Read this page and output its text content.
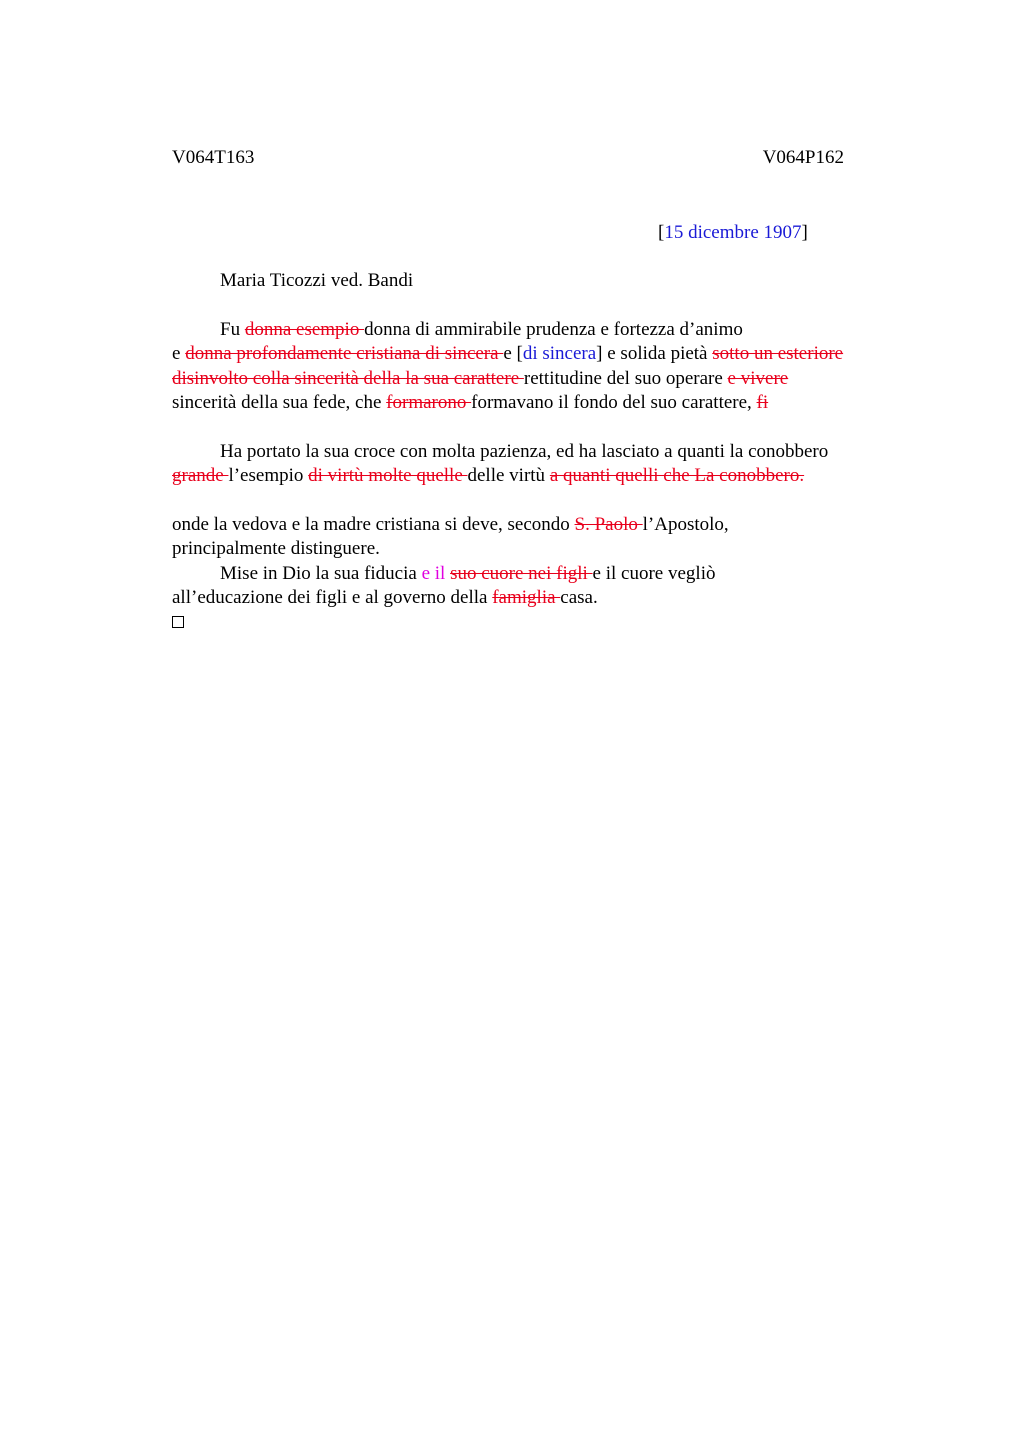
V064T163	V064P162
[15 dicembre 1907]

Maria Ticozzi ved. Bandi

Fu donna esempio donna di ammirabile prudenza e fortezza d’animo

e donna profondamente cristiana di sincera e [di sincera] e solida pietà sotto un esteriore

disinvolto colla sincerità della la sua carattere rettitudine del suo operare e vivere

sincerità della sua fede, che formarono formavano il fondo del suo carattere, fi

Ha portato la sua croce con molta pazienza, ed ha lasciato a quanti la conobbero

grande l’esempio di virtù molte quelle delle virtù a quanti quelli che La conobbero.

onde la vedova e la madre cristiana si deve, secondo S. Paolo l’Apostolo,

principalmente distinguere.

Mise in Dio la sua fiducia e il suo cuore nei figli e il cuore vegliò

all’educazione dei figli e al governo della famiglia casa.
